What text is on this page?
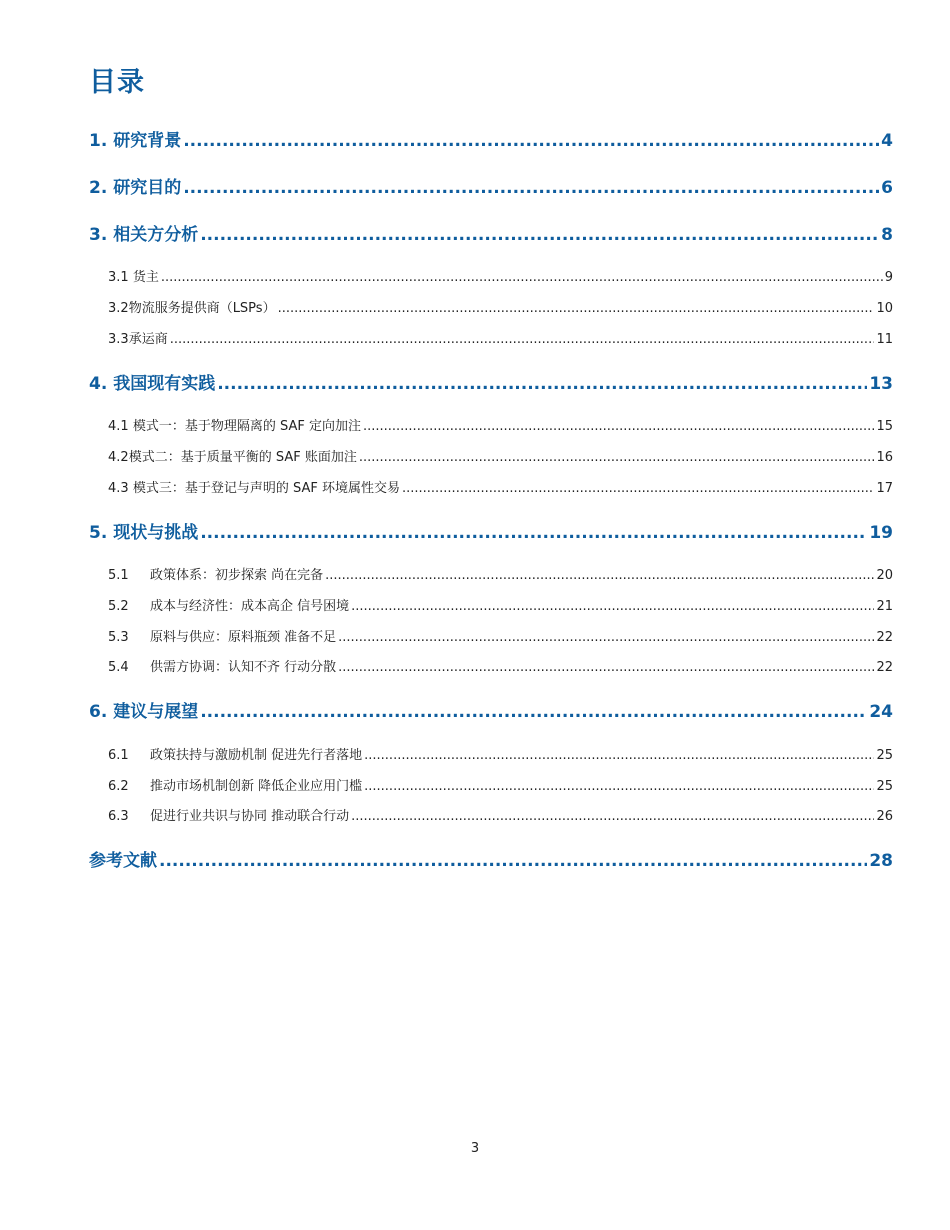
目录
1. 研究背景 .....	4
2. 研究目的 .....	6
3. 相关方分析 .....	8
3.1 货主 .....	9
3.2物流服务提供商（LSPs） .....	10
3.3承运商 .....	11
4. 我国现有实践 .....	13
4.1 模式一：基于物理隔离的 SAF 定向加注 .....	15
4.2模式二：基于质量平衡的 SAF 账面加注 .....	16
4.3 模式三：基于登记与声明的 SAF 环境属性交易 .....	17
5. 现状与挑战 .....	19
5.1 政策体系：初步探索 尚在完备 .....	20
5.2 成本与经济性：成本高企 信号困境 .....	21
5.3 原料与供应：原料瓶颈 准备不足 .....	22
5.4 供需方协调：认知不齐 行动分散 .....	22
6. 建议与展望 .....	24
6.1 政策扶持与激励机制 促进先行者落地 .....	25
6.2 推动市场机制创新 降低企业应用门槛 .....	25
6.3 促进行业共识与协同 推动联合行动 .....	26
参考文献 .....	28
3
